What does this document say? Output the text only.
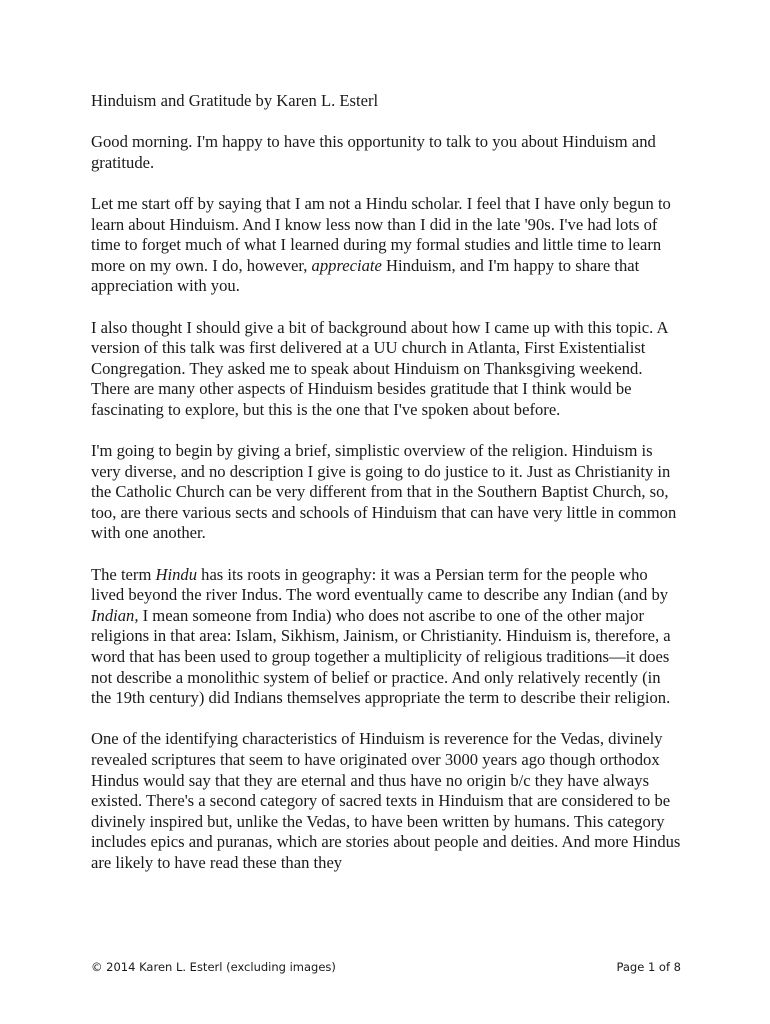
Hinduism and Gratitude by Karen L. Esterl

Good morning. I'm happy to have this opportunity to talk to you about Hinduism and gratitude.

Let me start off by saying that I am not a Hindu scholar. I feel that I have only begun to learn about Hinduism. And I know less now than I did in the late '90s. I've had lots of time to forget much of what I learned during my formal studies and little time to learn more on my own. I do, however, appreciate Hinduism, and I'm happy to share that appreciation with you.

I also thought I should give a bit of background about how I came up with this topic. A version of this talk was first delivered at a UU church in Atlanta, First Existentialist Congregation. They asked me to speak about Hinduism on Thanksgiving weekend. There are many other aspects of Hinduism besides gratitude that I think would be fascinating to explore, but this is the one that I've spoken about before.

I'm going to begin by giving a brief, simplistic overview of the religion. Hinduism is very diverse, and no description I give is going to do justice to it. Just as Christianity in the Catholic Church can be very different from that in the Southern Baptist Church, so, too, are there various sects and schools of Hinduism that can have very little in common with one another.

The term Hindu has its roots in geography: it was a Persian term for the people who lived beyond the river Indus. The word eventually came to describe any Indian (and by Indian, I mean someone from India) who does not ascribe to one of the other major religions in that area: Islam, Sikhism, Jainism, or Christianity. Hinduism is, therefore, a word that has been used to group together a multiplicity of religious traditions—it does not describe a monolithic system of belief or practice. And only relatively recently (in the 19th century) did Indians themselves appropriate the term to describe their religion.

One of the identifying characteristics of Hinduism is reverence for the Vedas, divinely revealed scriptures that seem to have originated over 3000 years ago though orthodox Hindus would say that they are eternal and thus have no origin b/c they have always existed. There's a second category of sacred texts in Hinduism that are considered to be divinely inspired but, unlike the Vedas, to have been written by humans. This category includes epics and puranas, which are stories about people and deities. And more Hindus are likely to have read these than they

© 2014 Karen L. Esterl (excluding images)	Page 1 of 8
